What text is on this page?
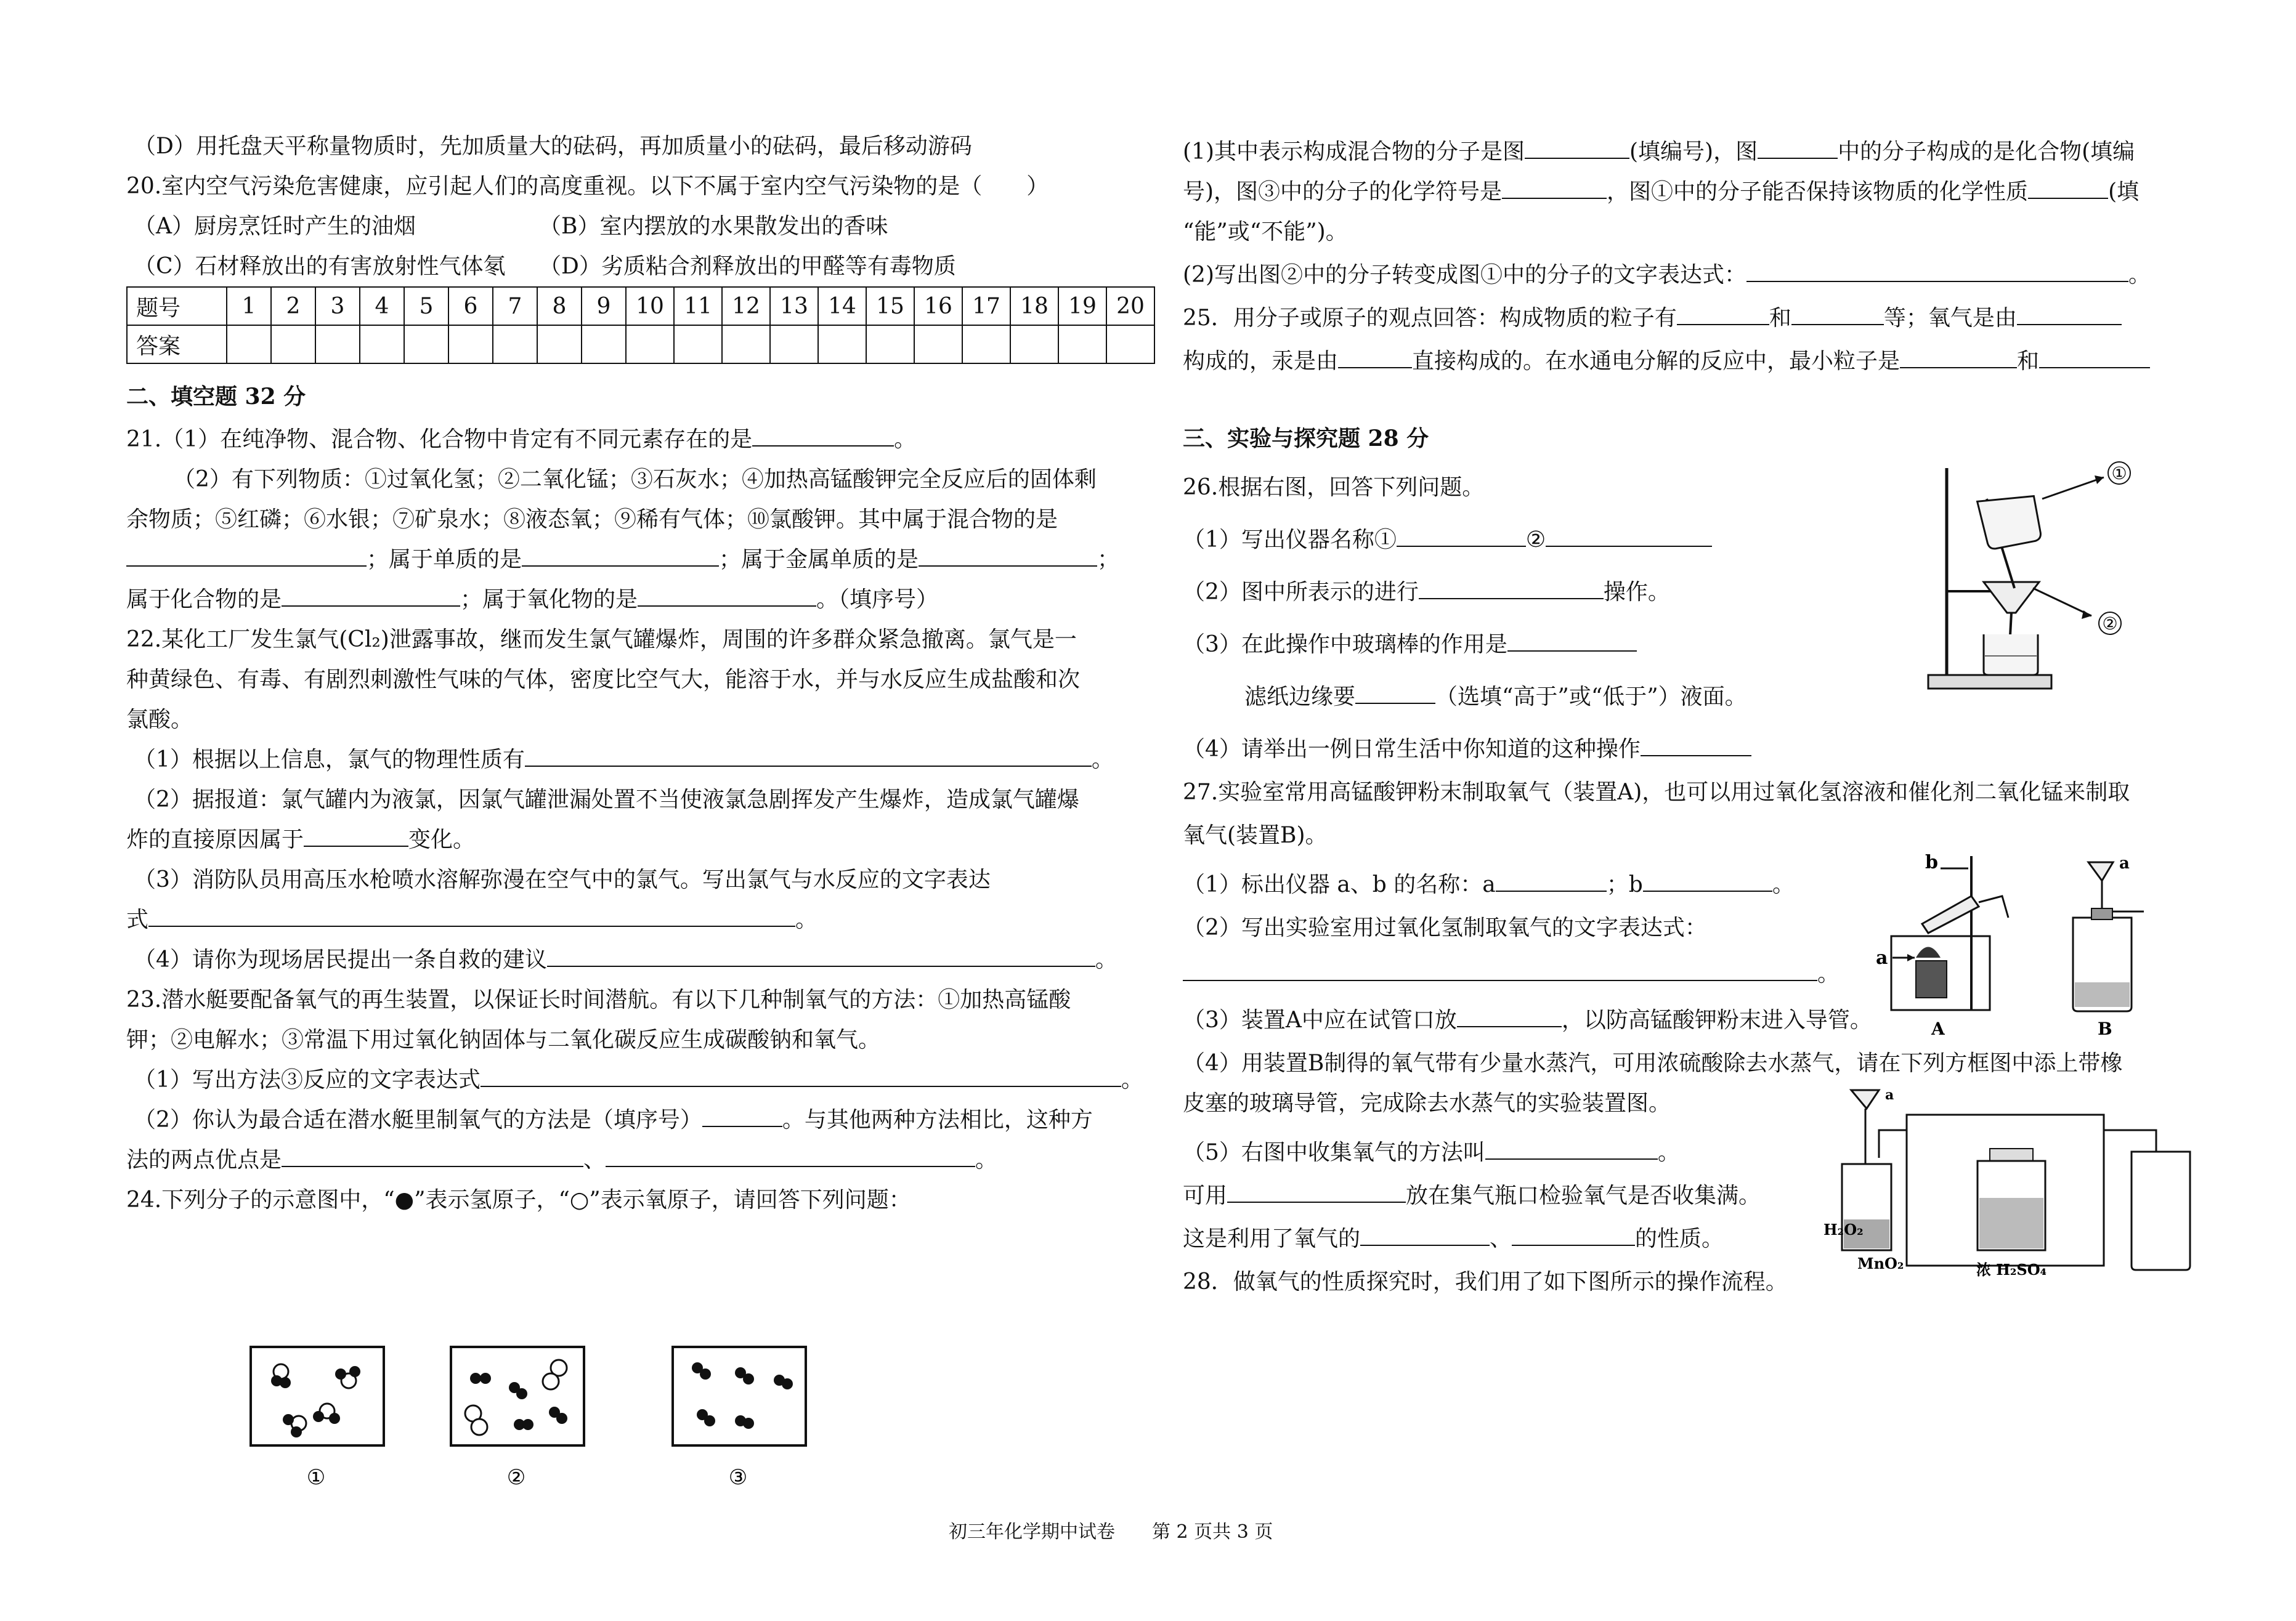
（D）用托盘天平称量物质时，先加质量大的砝码，再加质量小的砝码，最后移动游码
20.室内空气污染危害健康，应引起人们的高度重视。以下不属于室内空气污染物的是（　　）
（A）厨房烹饪时产生的油烟	（B）室内摆放的水果散发出的香味
（C）石材释放出的有害放射性气体氡 （D）劣质粘合剂释放出的甲醛等有毒物质
题号	1	2	3	4	5	6	7	8	9	10	11	12	13	14	15	16	17	18	19	20
答案																				
二、填空题 32 分
21.（1）在纯净物、混合物、化合物中肯定有不同元素存在的是	。
（2）有下列物质：①过氧化氢；②二氧化锰；③石灰水；④加热高锰酸钾完全反应后的固体剩
余物质；⑤红磷；⑥水银；⑦矿泉水；⑧液态氧；⑨稀有气体；⑩氯酸钾。其中属于混合物的是
；属于单质的是	；属于金属单质的是	；
属于化合物的是	；属于氧化物的是	。（填序号）
22.某化工厂发生氯气(Cl₂)泄露事故，继而发生氯气罐爆炸，周围的许多群众紧急撤离。氯气是一
种黄绿色、有毒、有剧烈刺激性气味的气体，密度比空气大，能溶于水，并与水反应生成盐酸和次
氯酸。
（1）根据以上信息，氯气的物理性质有	。
（2）据报道：氯气罐内为液氯，因氯气罐泄漏处置不当使液氯急剧挥发产生爆炸，造成氯气罐爆
炸的直接原因属于	变化。
（3）消防队员用高压水枪喷水溶解弥漫在空气中的氯气。写出氯气与水反应的文字表达
式	。
（4）请你为现场居民提出一条自救的建议	。
23.潜水艇要配备氧气的再生装置，以保证长时间潜航。有以下几种制氧气的方法：①加热高锰酸
钾；②电解水；③常温下用过氧化钠固体与二氧化碳反应生成碳酸钠和氧气。
（1）写出方法③反应的文字表达式	。
（2）你认为最合适在潜水艇里制氧气的方法是（填序号）	。与其他两种方法相比，这种方
法的两点优点是	、	。
24.下列分子的示意图中，“●”表示氢原子，“○”表示氧原子，请回答下列问题：
①	②	③
(1)其中表示构成混合物的分子是图	(填编号)，图	中的分子构成的是化合物(填编
号)，图③中的分子的化学符号是	，图①中的分子能否保持该物质的化学性质	(填
“能”或“不能”)。
(2)写出图②中的分子转变成图①中的分子的文字表达式：	。
25．用分子或原子的观点回答：构成物质的粒子有	和	等；氧气是由
构成的，汞是由	直接构成的。在水通电分解的反应中，最小粒子是	和
三、实验与探究题 28 分
26.根据右图，回答下列问题。
（1）写出仪器名称①	②
（2）图中所表示的进行	操作。
（3）在此操作中玻璃棒的作用是
滤纸边缘要	（选填“高于”或“低于”）液面。
（4）请举出一例日常生活中你知道的这种操作
27.实验室常用高锰酸钾粉末制取氧气（装置A)，也可以用过氧化氢溶液和催化剂二氧化锰来制取
氧气(装置B)。
（1）标出仪器 a、b 的名称：a	；b	。
（2）写出实验室用过氧化氢制取氧气的文字表达式：
。
（3）装置A中应在试管口放	，以防高锰酸钾粉末进入导管。
（4）用装置B制得的氧气带有少量水蒸汽，可用浓硫酸除去水蒸气，请在下列方框图中添上带橡
皮塞的玻璃导管，完成除去水蒸气的实验装置图。
（5）右图中收集氧气的方法叫	。
可用	放在集气瓶口检验氧气是否收集满。
这是利用了氧气的	、	的性质。
28．做氧气的性质探究时，我们用了如下图所示的操作流程。
①
②
b
a
A
a
B
a
H₂O₂
MnO₂	浓 H₂SO₄
初三年化学期中试卷 第 2 页共 3 页
